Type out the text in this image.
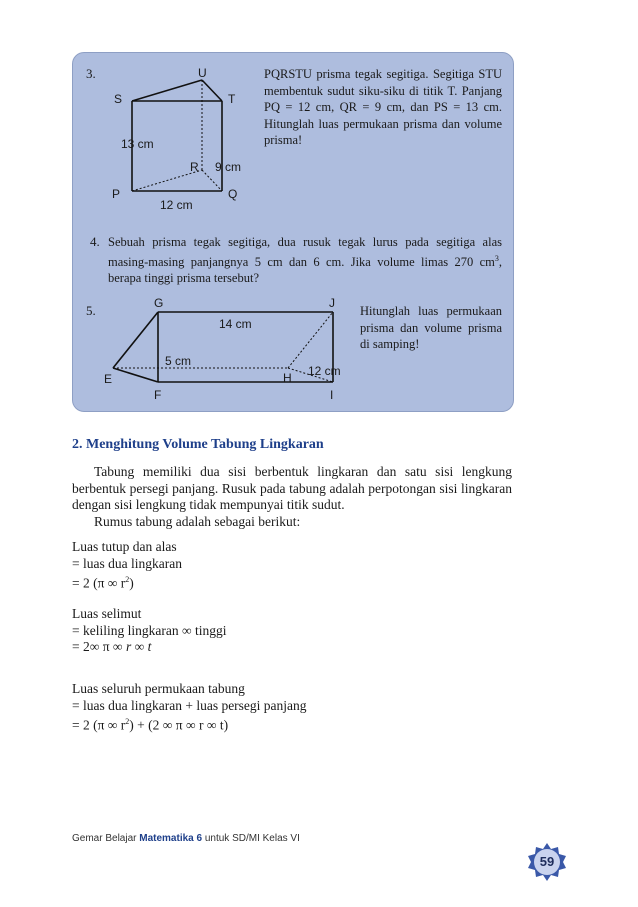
3.	U
S	T
R
P	Q
13 cm
9 cm
12 cm

PQRSTU prisma tegak segitiga. Segitiga STU membentuk sudut siku-siku di titik T. Panjang PQ = 12 cm, QR = 9 cm, dan PS = 13 cm. Hitunglah luas permukaan prisma dan volume prisma!

4. Sebuah prisma tegak segitiga, dua rusuk tegak lurus pada segitiga alas masing-masing panjangnya 5 cm dan 6 cm. Jika volume limas 270 $cm^3$, berapa tinggi prisma tersebut?

5.	G	J
E	H
F	I
14 cm
5 cm
12 cm

Hitunglah luas permukaan prisma dan volume prisma di samping!

2. Menghitung Volume Tabung Lingkaran

Tabung memiliki dua sisi berbentuk lingkaran dan satu sisi lengkung berbentuk persegi panjang. Rusuk pada tabung adalah perpotongan sisi lingkaran dengan sisi lengkung tidak mempunyai titik sudut.

Rumus tabung adalah sebagai berikut:

Luas tutup dan alas

= luas dua lingkaran

= 2 (π ∞ $r^2$)

Luas selimut

= keliling lingkaran ∞ tinggi

= 2∞ π ∞ r ∞ t

Luas seluruh permukaan tabung

= luas dua lingkaran + luas persegi panjang

= 2 (π ∞ $r^2) + (2$ ∞ π ∞ r ∞ t)

Gemar Belajar Matematika 6 untuk SD/MI Kelas VI
59
